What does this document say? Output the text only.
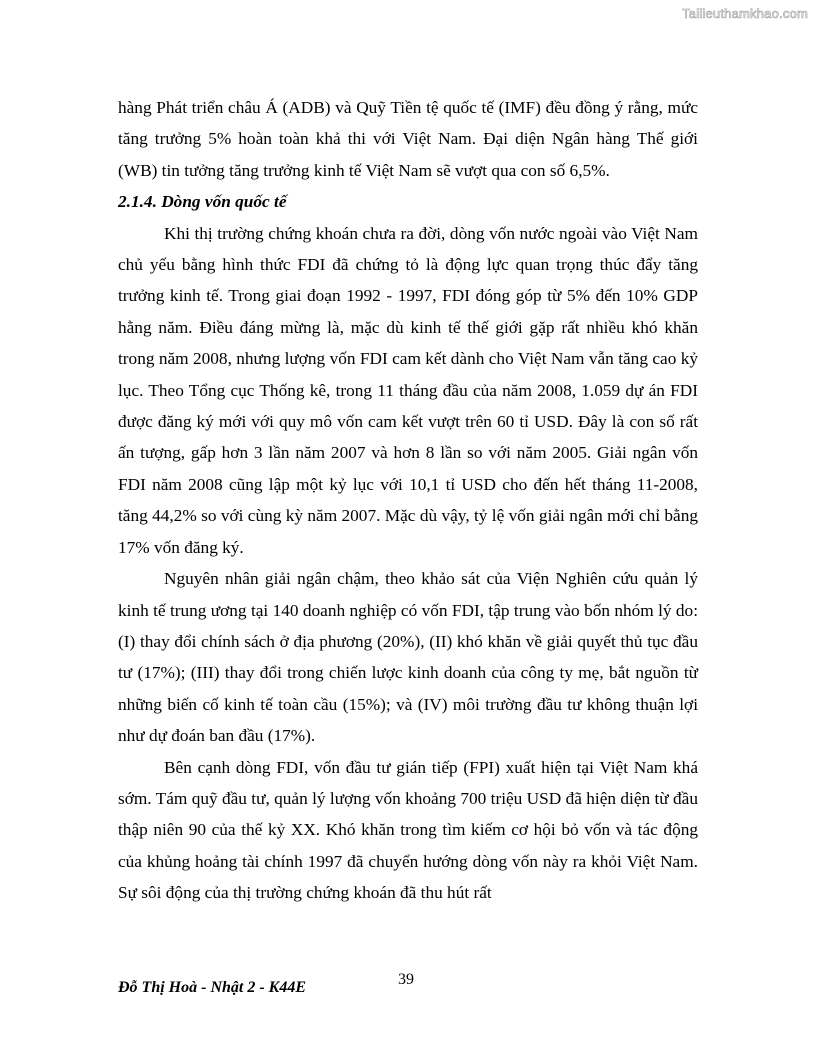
Tailieuthamkhao.com

hàng Phát triển châu Á (ADB) và Quỹ Tiền tệ quốc tế (IMF) đều đồng ý rằng, mức tăng trưởng 5% hoàn toàn khả thi với Việt Nam. Đại diện Ngân hàng Thế giới (WB) tin tưởng tăng trưởng kinh tế Việt Nam sẽ vượt qua con số 6,5%.

2.1.4. Dòng vốn quốc tế

Khi thị trường chứng khoán chưa ra đời, dòng vốn nước ngoài vào Việt Nam chủ yếu bằng hình thức FDI đã chứng tỏ là động lực quan trọng thúc đẩy tăng trưởng kinh tế. Trong giai đoạn 1992 - 1997, FDI đóng góp từ 5% đến 10% GDP hằng năm. Điều đáng mừng là, mặc dù kinh tế thế giới gặp rất nhiều khó khăn trong năm 2008, nhưng lượng vốn FDI cam kết dành cho Việt Nam vẫn tăng cao kỷ lục. Theo Tổng cục Thống kê, trong 11 tháng đầu của năm 2008, 1.059 dự án FDI được đăng ký mới với quy mô vốn cam kết vượt trên 60 tỉ USD. Đây là con số rất ấn tượng, gấp hơn 3 lần năm 2007 và hơn 8 lần so với năm 2005. Giải ngân vốn FDI năm 2008 cũng lập một kỷ lục với 10,1 tỉ USD cho đến hết tháng 11-2008, tăng 44,2% so với cùng kỳ năm 2007. Mặc dù vậy, tỷ lệ vốn giải ngân mới chỉ bằng 17% vốn đăng ký.

Nguyên nhân giải ngân chậm, theo khảo sát của Viện Nghiên cứu quản lý kinh tế trung ương tại 140 doanh nghiệp có vốn FDI, tập trung vào bốn nhóm lý do: (I) thay đổi chính sách ở địa phương (20%), (II) khó khăn về giải quyết thủ tục đầu tư (17%); (III) thay đổi trong chiến lược kinh doanh của công ty mẹ, bắt nguồn từ những biến cố kinh tế toàn cầu (15%); và (IV) môi trường đầu tư không thuận lợi như dự đoán ban đầu (17%).

Bên cạnh dòng FDI, vốn đầu tư gián tiếp (FPI) xuất hiện tại Việt Nam khá sớm. Tám quỹ đầu tư, quản lý lượng vốn khoảng 700 triệu USD đã hiện diện từ đầu thập niên 90 của thế kỷ XX. Khó khăn trong tìm kiếm cơ hội bỏ vốn và tác động của khủng hoảng tài chính 1997 đã chuyển hướng dòng vốn này ra khỏi Việt Nam. Sự sôi động của thị trường chứng khoán đã thu hút rất

39
Đỗ Thị Hoà - Nhật 2 - K44E
